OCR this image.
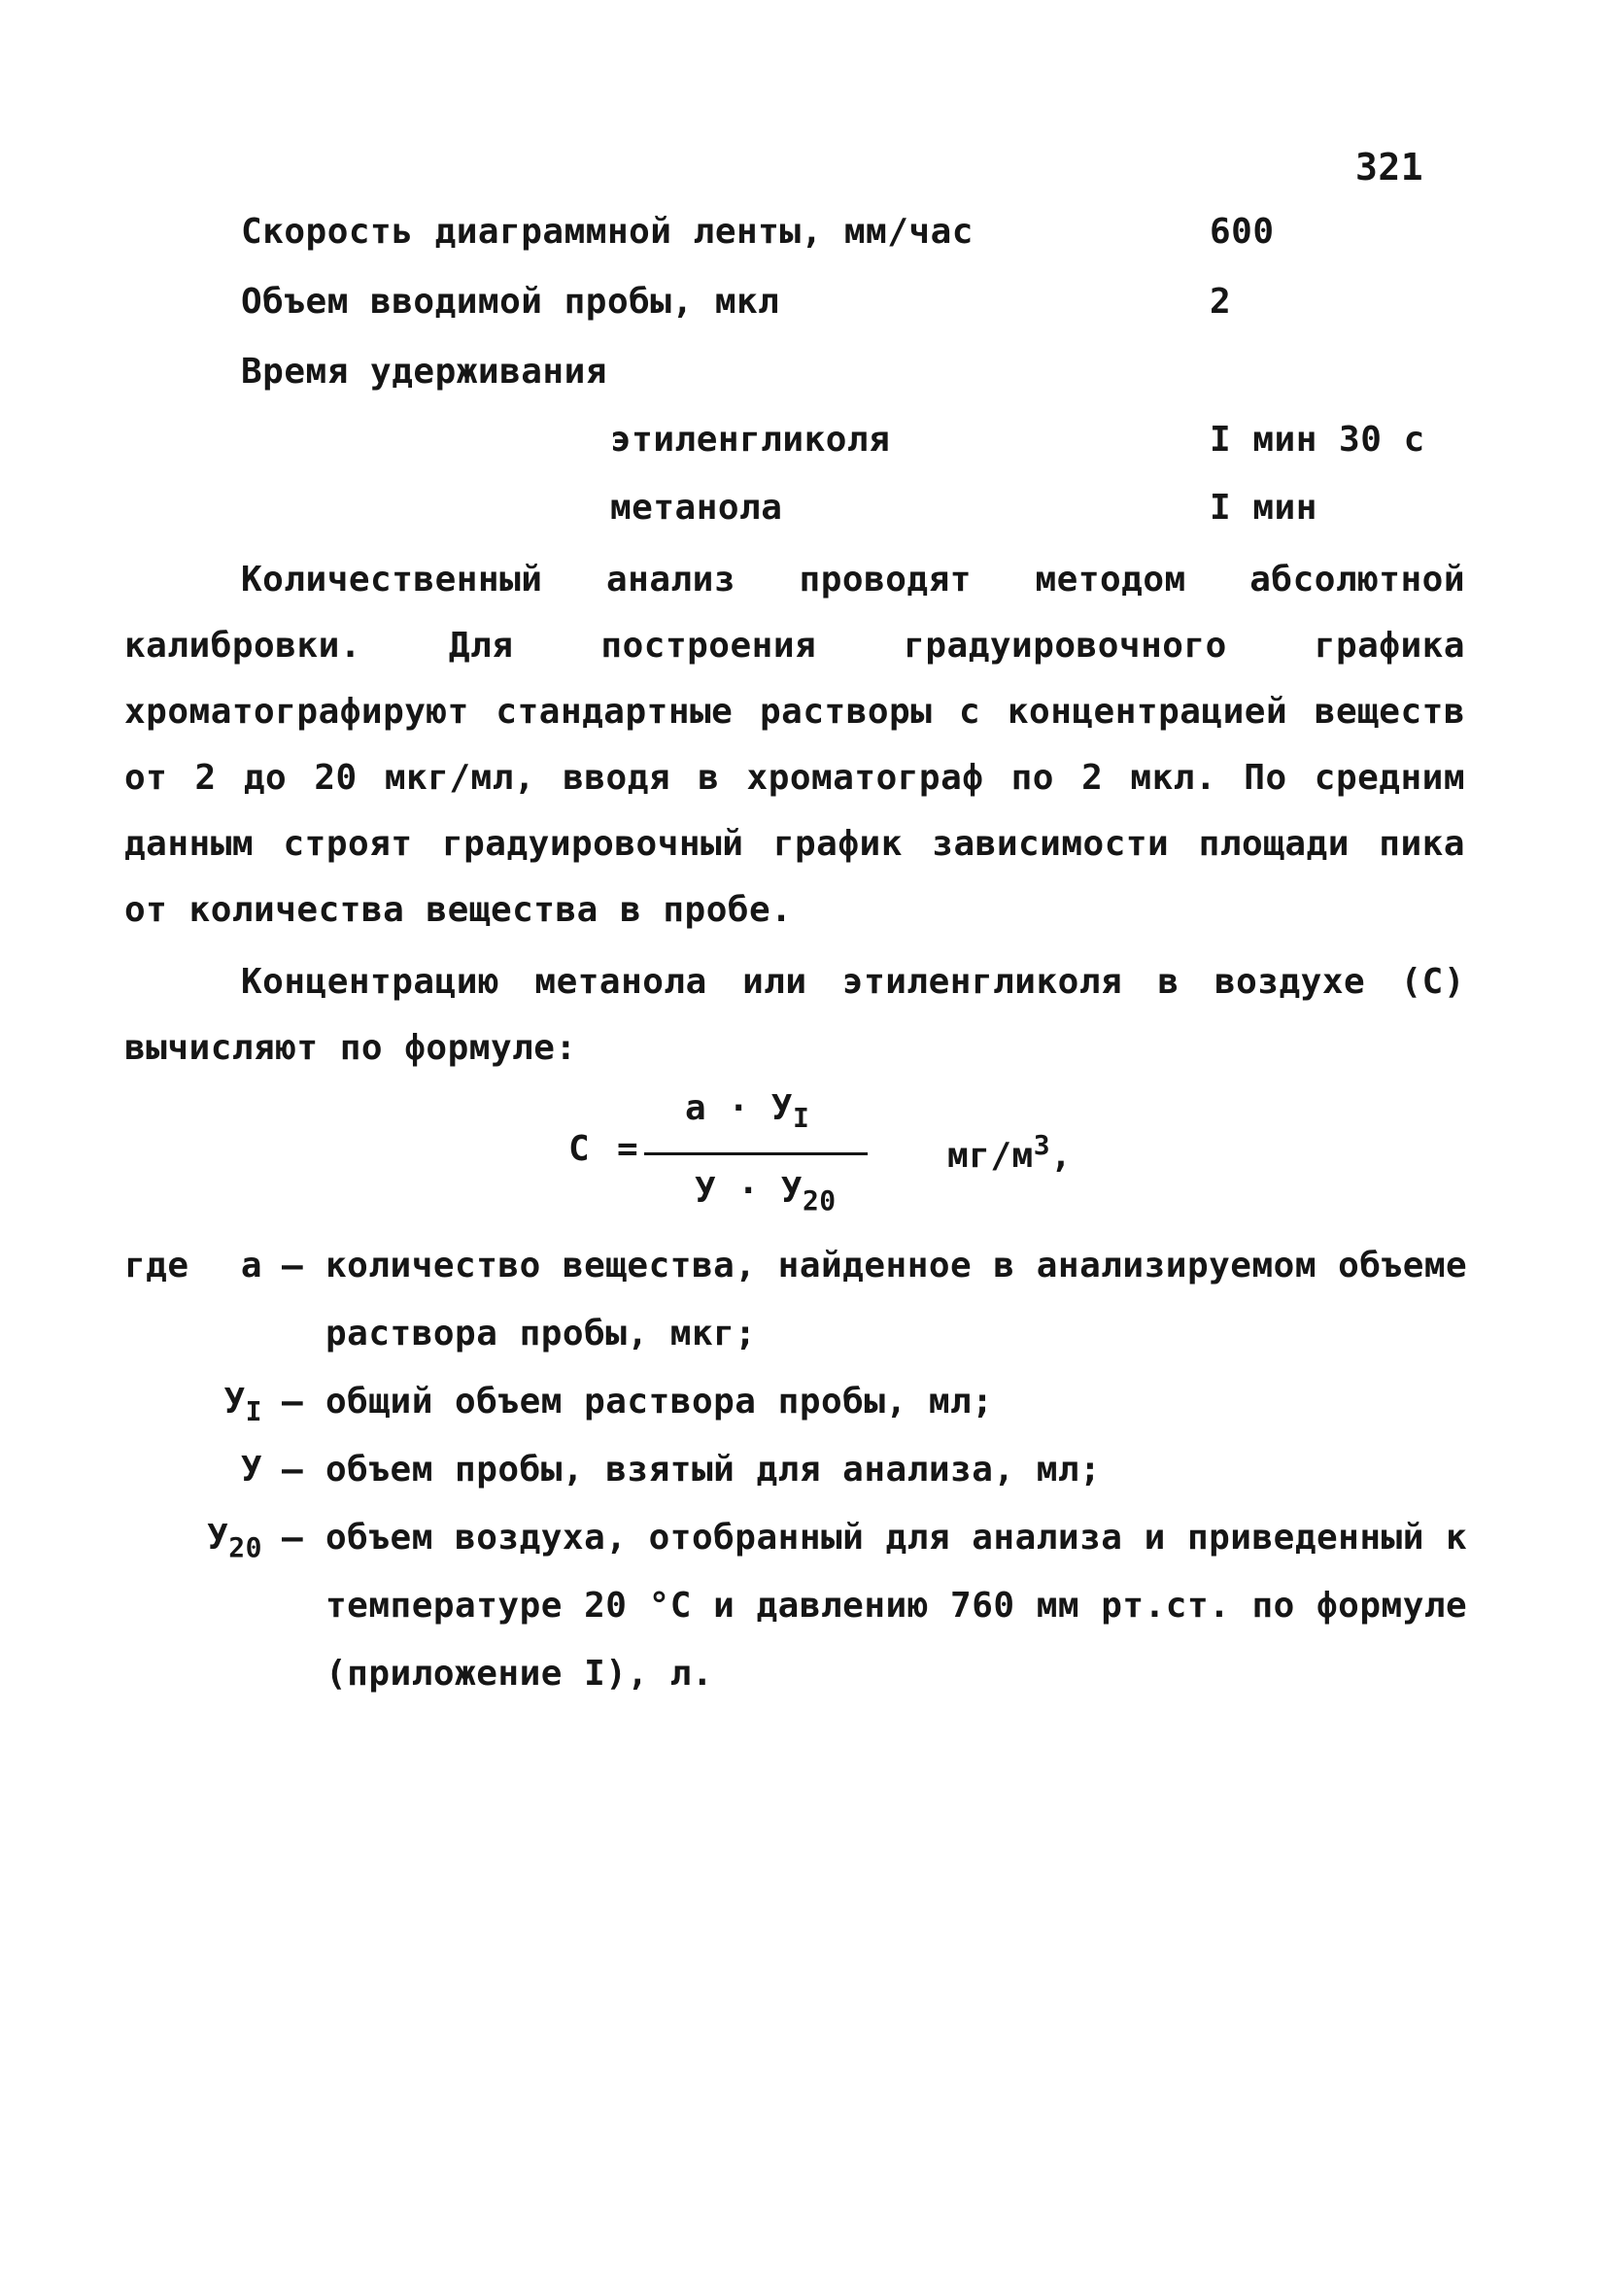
321
Скорость диаграммной ленты, мм/час	600
Объем вводимой пробы, мкл	2
Время удерживания
этиленгликоля	I мин 30 с
метанола	I мин
Количественный анализ проводят методом абсолютной калибровки. Для построения градуировочного графика хроматографируют стандартные растворы с концентрацией веществ от 2 до 20 мкг/мл, вводя в хроматограф по 2 мкл. По средним данным строят градуировочный график зависимости площади пика от количества вещества в пробе.
Концентрацию метанола или этиленгликоля в воздухе (С) вычисляют по формуле:
С =
$а \cdot У_I$
$У \cdot У_{20}$
$мг/м^3$,
где	а – количество вещества, найденное в анализируемом объеме
раствора пробы, мкг;
$У_I$ – общий объем раствора пробы, мл;
У – объем пробы, взятый для анализа, мл;
$У_{20}$ – объем воздуха, отобранный для анализа и приведенный к
температуре 20 °С и давлению 760 мм рт.ст. по формуле
(приложение I), л.
